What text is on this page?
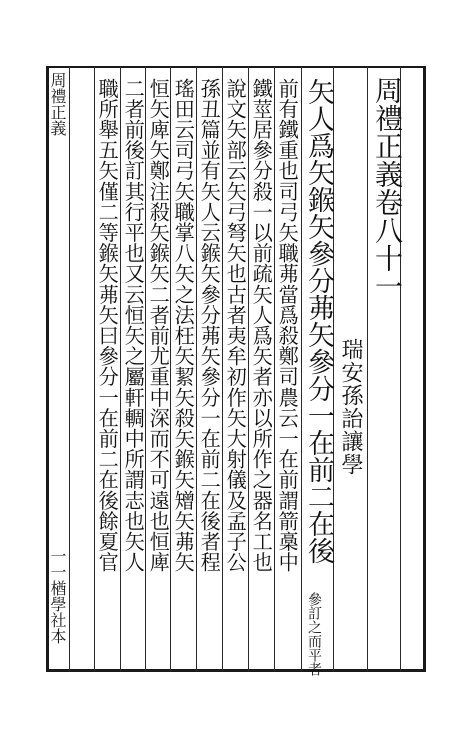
周禮正義
一一楢學社本
周禮正義卷八十一
瑞安孫詒讓學
矢人爲矢鍭矢參分茀矢參分一在前二在後
參訂之而平者
前有鐵重也司弓矢職茀當爲殺鄭司農云一在前謂箭槀中
鐵莖居參分殺一以前疏矢人爲矢者亦以所作之器名工也
說文矢部云矢弓弩矢也古者夷牟初作矢大射儀及孟子公
孫丑篇並有矢人云鍭矢參分茀矢參分一在前二在後者程
瑤田云司弓矢職掌八矢之法枉矢絜矢殺矢鍭矢矰矢茀矢
恒矢庳矢鄭注殺矢鍭矢二者前尤重中深而不可遠也恒庳
二者前後訂其行平也又云恒矢之屬軒輖中所謂志也矢人
職所舉五矢僅二等鍭矢茀矢曰參分一在前二在後餘夏官
